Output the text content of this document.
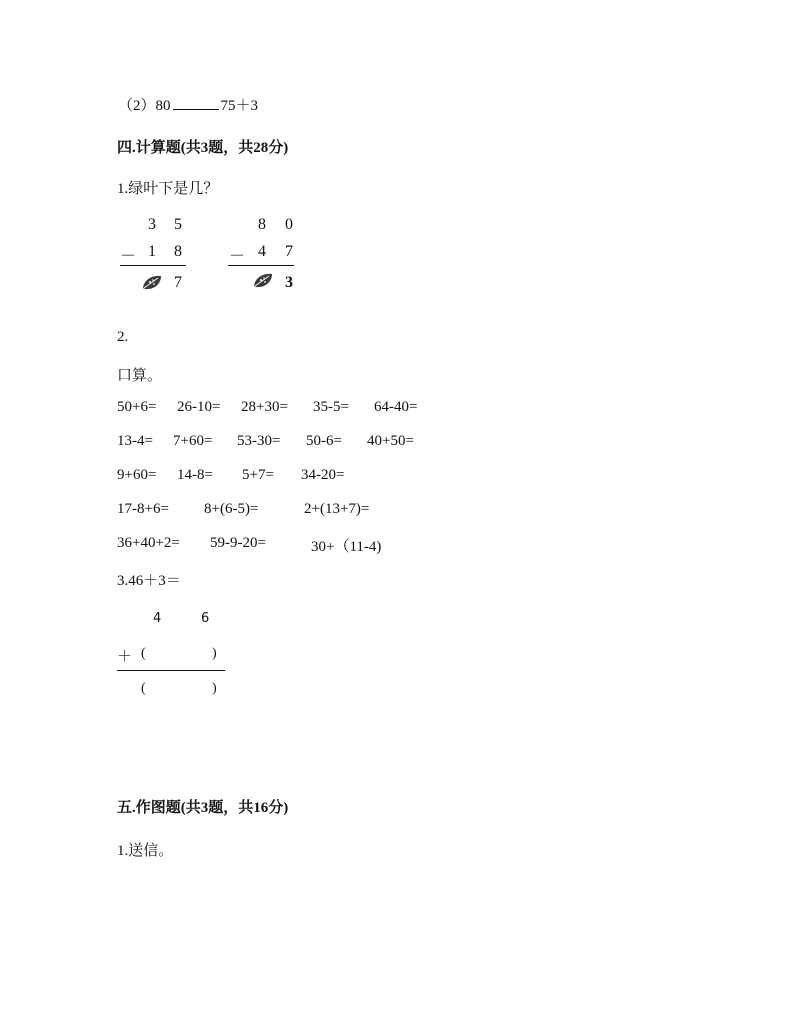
（2）80	75＋3
四.计算题(共3题，共28分)
1.绿叶下是几？
3 5
－ 1 8
7
8 0
－ 4 7
3
2.
口算。
50+6= 26-10= 28+30= 35-5= 64-40=
13-4= 7+60= 53-30= 50-6= 40+50=
9+60= 14-8= 5+7= 34-20=
17-8+6= 8+(6-5)=	2+(13+7)=
36+40+2= 59-9-20=	30+（11-4)
3.46＋3＝
4	6
＋ (	)
(	)
五.作图题(共3题，共16分)
1.送信。
